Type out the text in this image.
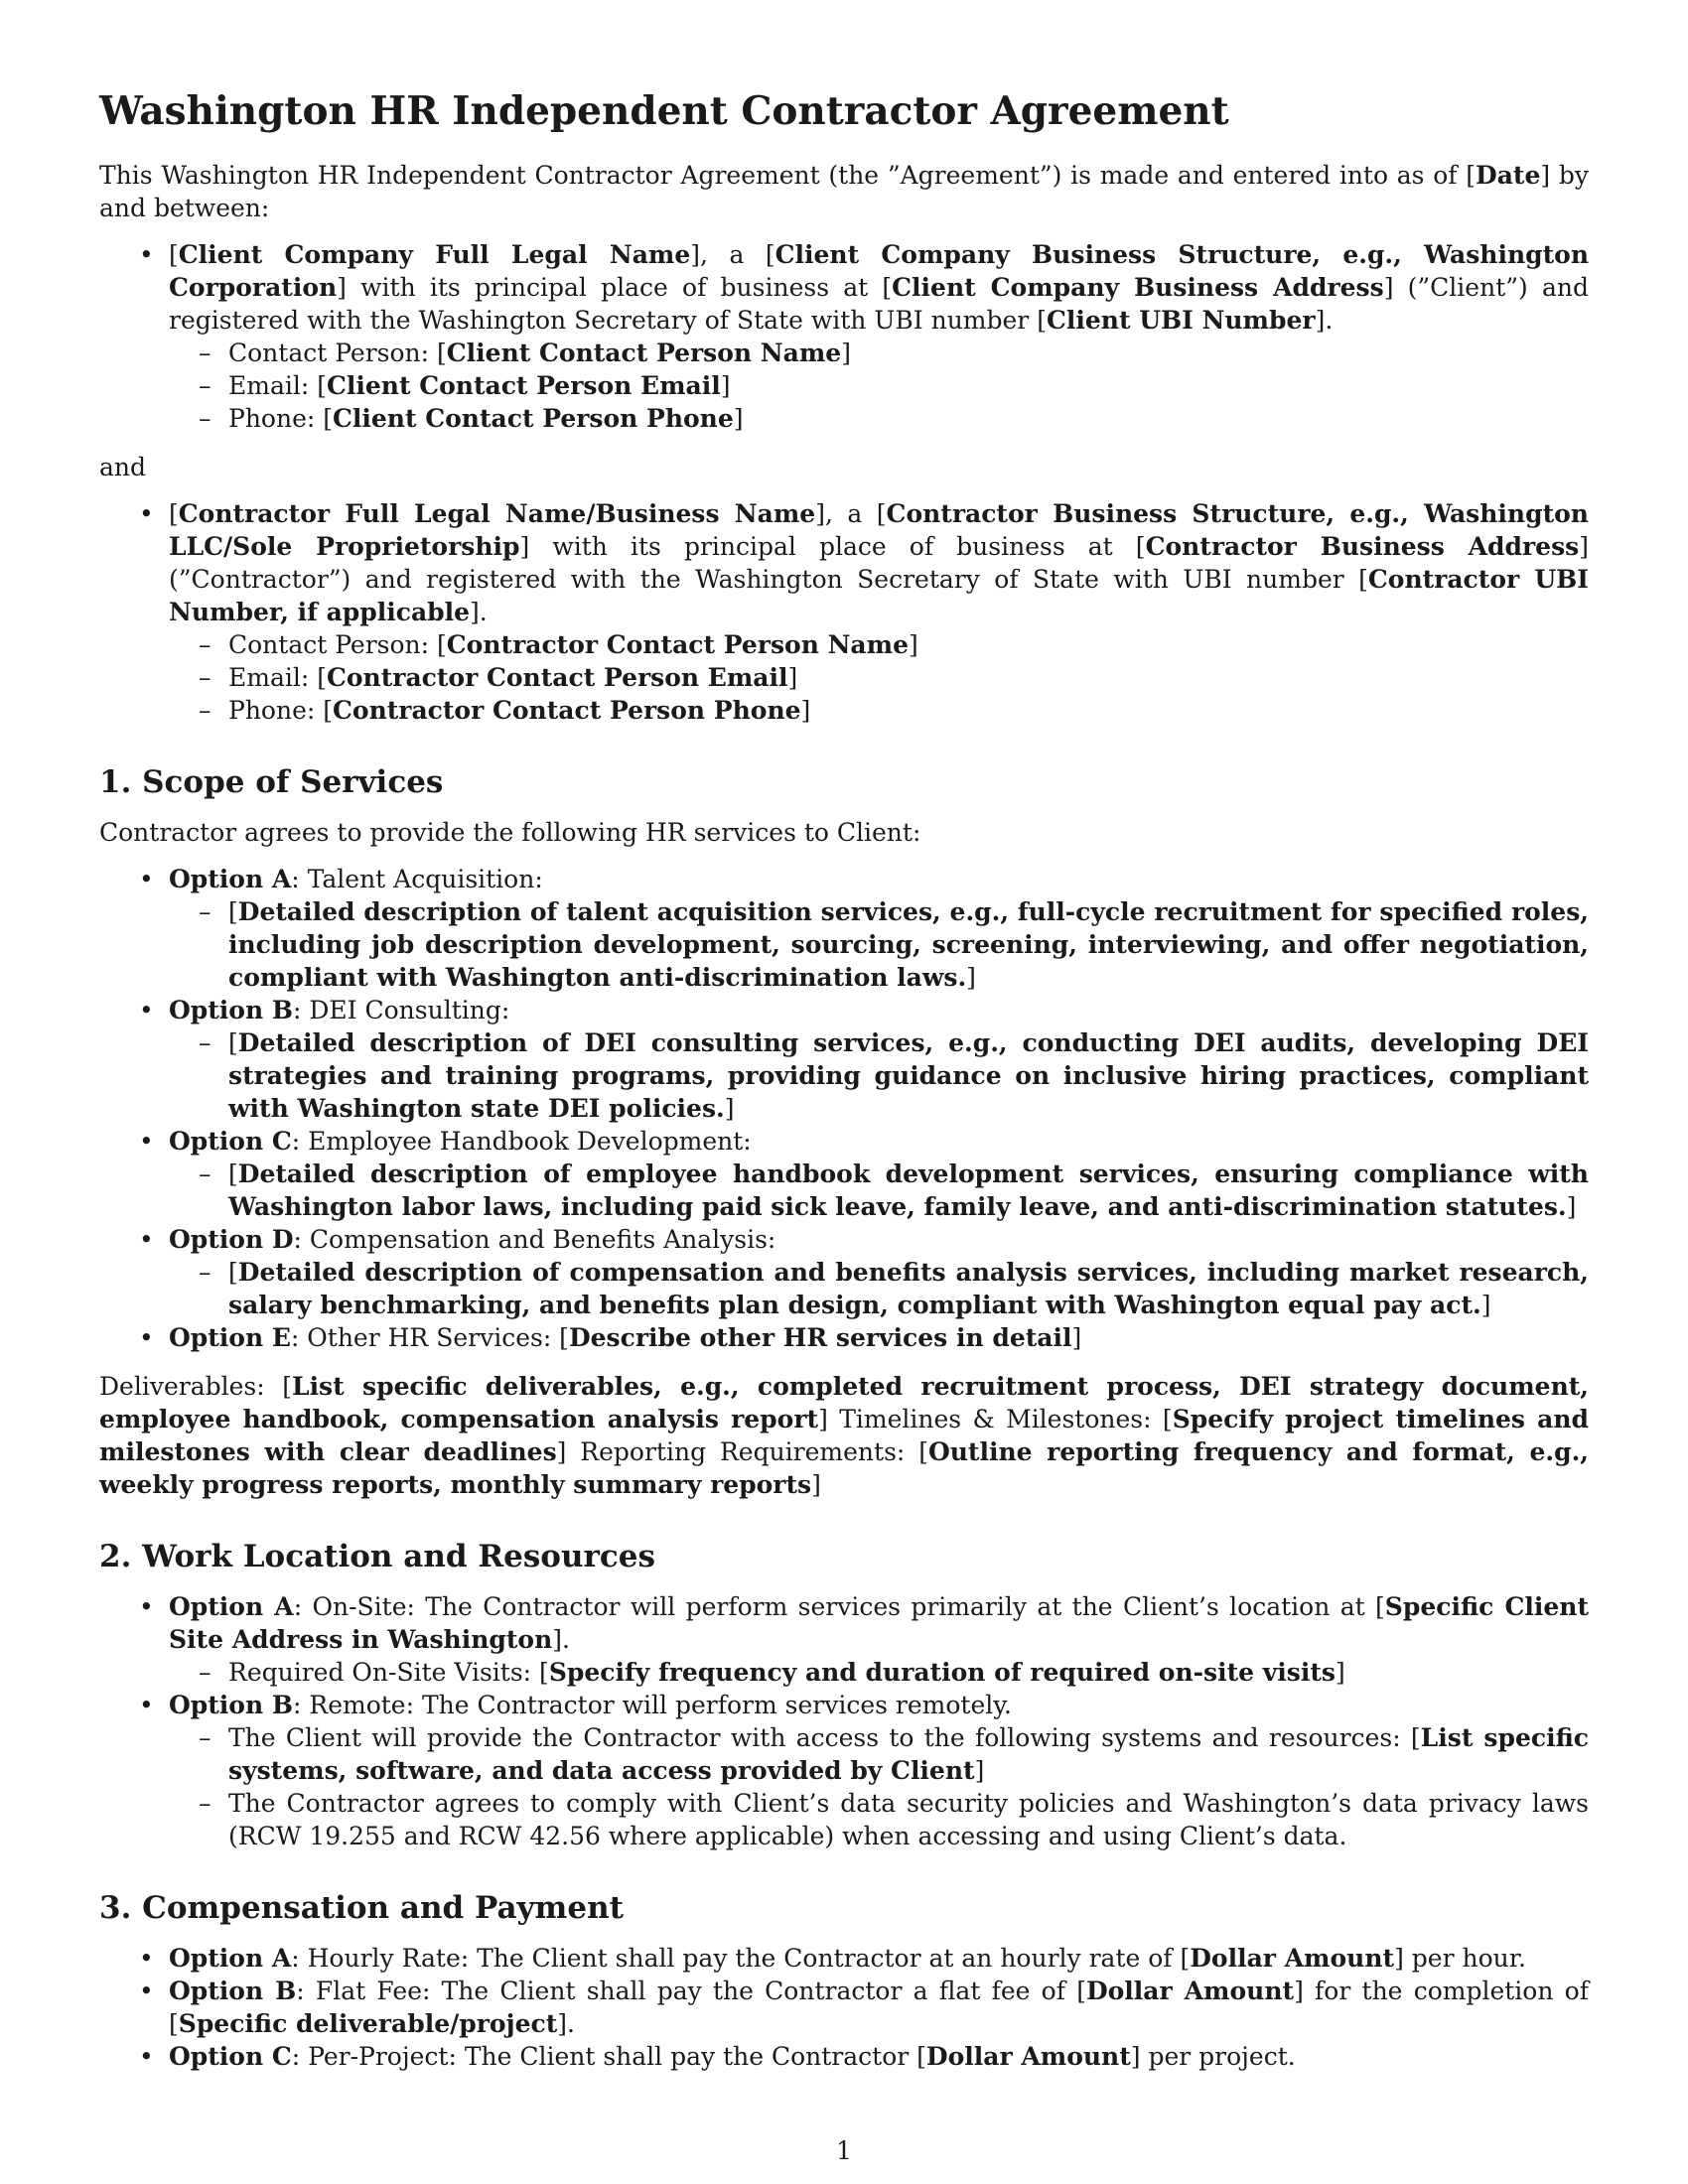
Washington HR Independent Contractor Agreement

This Washington HR Independent Contractor Agreement (the ”Agreement”) is made and entered into as of [Date] by and between:

• [Client Company Full Legal Name], a [Client Company Business Structure, e.g., Washington Corporation] with its principal place of business at [Client Company Business Address] (”Client”) and registered with the Washington Secretary of State with UBI number [Client UBI Number].
– Contact Person: [Client Contact Person Name]
– Email: [Client Contact Person Email]
– Phone: [Client Contact Person Phone]

and

• [Contractor Full Legal Name/Business Name], a [Contractor Business Structure, e.g., Washington LLC/Sole Proprietorship] with its principal place of business at [Contractor Business Address] (”Contractor”) and registered with the Washington Secretary of State with UBI number [Contractor UBI Number, if applicable].
– Contact Person: [Contractor Contact Person Name]
– Email: [Contractor Contact Person Email]
– Phone: [Contractor Contact Person Phone]
1. Scope of Services

Contractor agrees to provide the following HR services to Client:

• Option A: Talent Acquisition:
– [Detailed description of talent acquisition services, e.g., full-cycle recruitment for specified roles, including job description development, sourcing, screening, interviewing, and offer negotiation, compliant with Washington anti-discrimination laws.]
• Option B: DEI Consulting:
– [Detailed description of DEI consulting services, e.g., conducting DEI audits, developing DEI strategies and training programs, providing guidance on inclusive hiring practices, compliant with Washington state DEI policies.]
• Option C: Employee Handbook Development:
– [Detailed description of employee handbook development services, ensuring compliance with Washington labor laws, including paid sick leave, family leave, and anti-discrimination statutes.]
• Option D: Compensation and Benefits Analysis:
– [Detailed description of compensation and benefits analysis services, including market research, salary benchmarking, and benefits plan design, compliant with Washington equal pay act.]
• Option E: Other HR Services: [Describe other HR services in detail]

Deliverables: [List specific deliverables, e.g., completed recruitment process, DEI strategy document, employee handbook, compensation analysis report] Timelines & Milestones: [Specify project timelines and milestones with clear deadlines] Reporting Requirements: [Outline reporting frequency and format, e.g., weekly progress reports, monthly summary reports]

2. Work Location and Resources
• Option A: On-Site: The Contractor will perform services primarily at the Client’s location at [Specific Client Site Address in Washington].
– Required On-Site Visits: [Specify frequency and duration of required on-site visits]
• Option B: Remote: The Contractor will perform services remotely.
– The Client will provide the Contractor with access to the following systems and resources: [List specific systems, software, and data access provided by Client]
– The Contractor agrees to comply with Client’s data security policies and Washington’s data privacy laws (RCW 19.255 and RCW 42.56 where applicable) when accessing and using Client’s data.
3. Compensation and Payment
• Option A: Hourly Rate: The Client shall pay the Contractor at an hourly rate of [Dollar Amount] per hour.
• Option B: Flat Fee: The Client shall pay the Contractor a flat fee of [Dollar Amount] for the completion of [Specific deliverable/project].
• Option C: Per-Project: The Client shall pay the Contractor [Dollar Amount] per project.
1
